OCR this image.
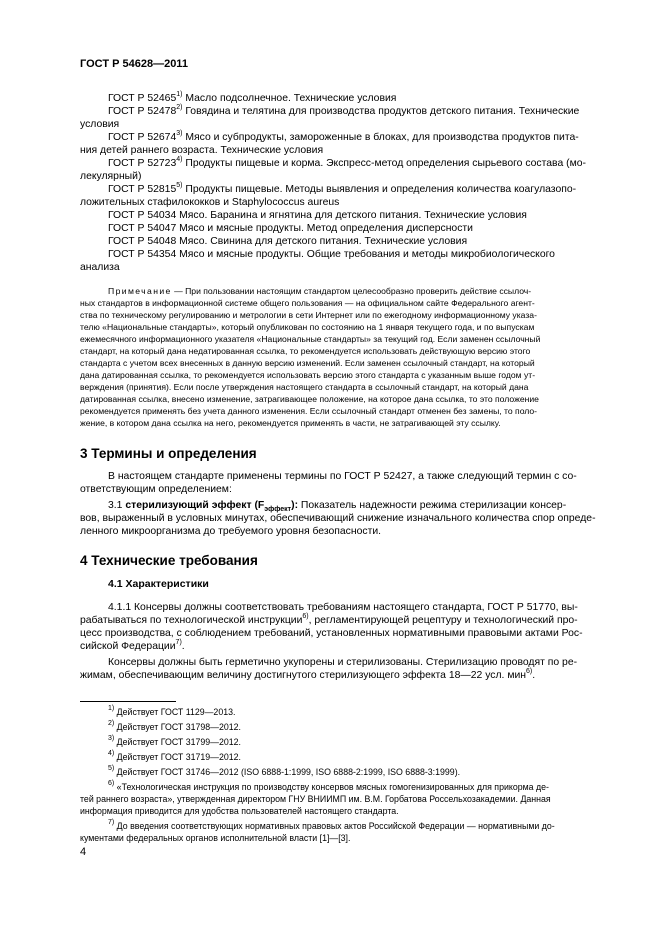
ГОСТ Р 54628—2011
ГОСТ Р 52465$^{1)}$ Масло подсолнечное. Технические условия
ГОСТ Р 52478$^{2)}$ Говядина и телятина для производства продуктов детского питания. Технические
условия
ГОСТ Р 52674$^{3)}$ Мясо и субпродукты, замороженные в блоках, для производства продуктов пита-
ния детей раннего возраста. Технические условия
ГОСТ Р 52723$^{4)}$ Продукты пищевые и корма. Экспресс-метод определения сырьевого состава (мо-
лекулярный)
ГОСТ Р 52815$^{5)}$ Продукты пищевые. Методы выявления и определения количества коагулазопо-
ложительных стафилококков и Staphylococcus aureus
ГОСТ Р 54034 Мясо. Баранина и ягнятина для детского питания. Технические условия
ГОСТ Р 54047 Мясо и мясные продукты. Метод определения дисперсности
ГОСТ Р 54048 Мясо. Свинина для детского питания. Технические условия
ГОСТ Р 54354 Мясо и мясные продукты. Общие требования и методы микробиологического
анализа
Примечание — При пользовании настоящим стандартом целесообразно проверить действие ссылоч-
ных стандартов в информационной системе общего пользования — на официальном сайте Федерального агент-
ства по техническому регулированию и метрологии в сети Интернет или по ежегодному информационному указа-
телю «Национальные стандарты», который опубликован по состоянию на 1 января текущего года, и по выпускам
ежемесячного информационного указателя «Национальные стандарты» за текущий год. Если заменен ссылочный
стандарт, на который дана недатированная ссылка, то рекомендуется использовать действующую версию этого
стандарта с учетом всех внесенных в данную версию изменений. Если заменен ссылочный стандарт, на который
дана датированная ссылка, то рекомендуется использовать версию этого стандарта с указанным выше годом ут-
верждения (принятия). Если после утверждения настоящего стандарта в ссылочный стандарт, на который дана
датированная ссылка, внесено изменение, затрагивающее положение, на которое дана ссылка, то это положение
рекомендуется применять без учета данного изменения. Если ссылочный стандарт отменен без замены, то поло-
жение, в котором дана ссылка на него, рекомендуется применять в части, не затрагивающей эту ссылку.
3 Термины и определения
В настоящем стандарте применены термины по ГОСТ Р 52427, а также следующий термин с со-
ответствующим определением:
3.1 стерилизующий эффект $(F_{эффект})$: Показатель надежности режима стерилизации консер-
вов, выраженный в условных минутах, обеспечивающий снижение изначального количества спор опреде-
ленного микроорганизма до требуемого уровня безопасности.
4 Технические требования
4.1 Характеристики
4.1.1 Консервы должны соответствовать требованиям настоящего стандарта, ГОСТ Р 51770, вы-
рабатываться по технологической инструкции$^{6)}$, регламентирующей рецептуру и технологический про-
цесс производства, с соблюдением требований, установленных нормативными правовыми актами Рос-
сийской Федерации$^{7)}$.
Консервы должны быть герметично укупорены и стерилизованы. Стерилизацию проводят по ре-
жимам, обеспечивающим величину достигнутого стерилизующего эффекта 18—22 усл. мин$^{6)}$.
$^{1)}$ Действует ГОСТ 1129—2013.
$^{2)}$ Действует ГОСТ 31798—2012.
$^{3)}$ Действует ГОСТ 31799—2012.
$^{4)}$ Действует ГОСТ 31719—2012.
$^{5)}$ Действует ГОСТ 31746—2012 (ISO 6888-1:1999, ISO 6888-2:1999, ISO 6888-3:1999).
$^{6)}$ «Технологическая инструкция по производству консервов мясных гомогенизированных для прикорма де-
тей раннего возраста», утвержденная директором ГНУ ВНИИМП им. В.М. Горбатова Россельхозакадемии. Данная
информация приводится для удобства пользователей настоящего стандарта.
$^{7)}$ До введения соответствующих нормативных правовых актов Российской Федерации — нормативными до-
кументами федеральных органов исполнительной власти [1]—[3].
4
